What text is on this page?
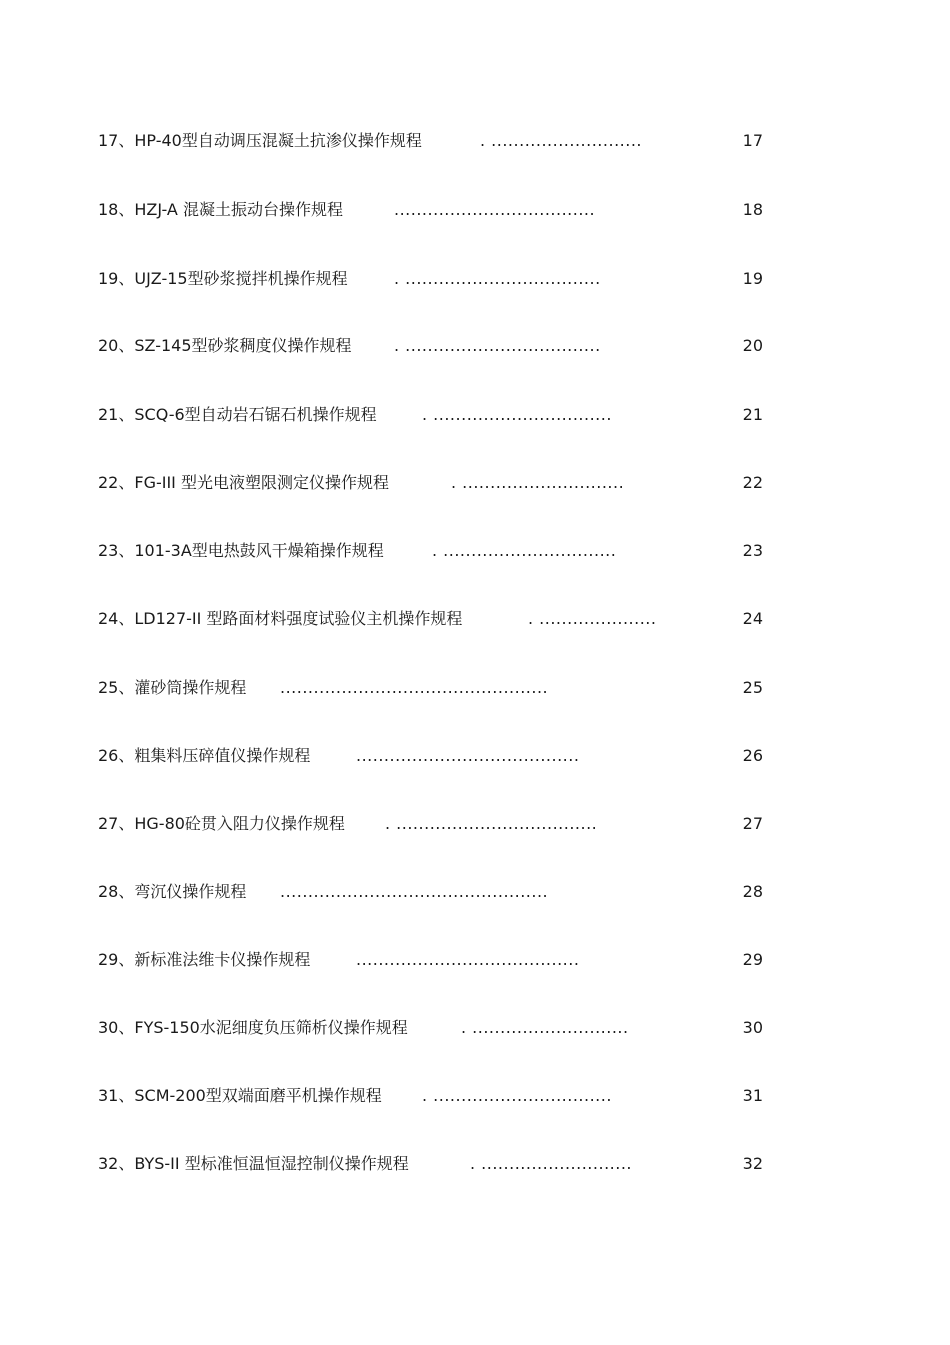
17、HP-40型自动调压混凝土抗渗仪操作规程	. ...........................	17
18、HZJ-A 混凝土振动台操作规程	....................................	18
19、UJZ-15型砂浆搅拌机操作规程	. ...................................	19
20、SZ-145型砂浆稠度仪操作规程	. ...................................	20
21、SCQ-6型自动岩石锯石机操作规程	. ................................	21
22、FG-III 型光电液塑限测定仪操作规程	. .............................	22
23、101-3A型电热鼓风干燥箱操作规程	. ...............................	23
24、LD127-II 型路面材料强度试验仪主机操作规程	. .....................	24
25、灌砂筒操作规程 ................................................	25
26、粗集料压碎值仪操作规程	........................................	26
27、HG-80砼贯入阻力仪操作规程	. ....................................	27
28、弯沉仪操作规程 ................................................	28
29、新标准法维卡仪操作规程	........................................	29
30、FYS-150水泥细度负压筛析仪操作规程	. ............................	30
31、SCM-200型双端面磨平机操作规程	. ................................	31
32、BYS-II 型标准恒温恒湿控制仪操作规程	. ...........................	32
